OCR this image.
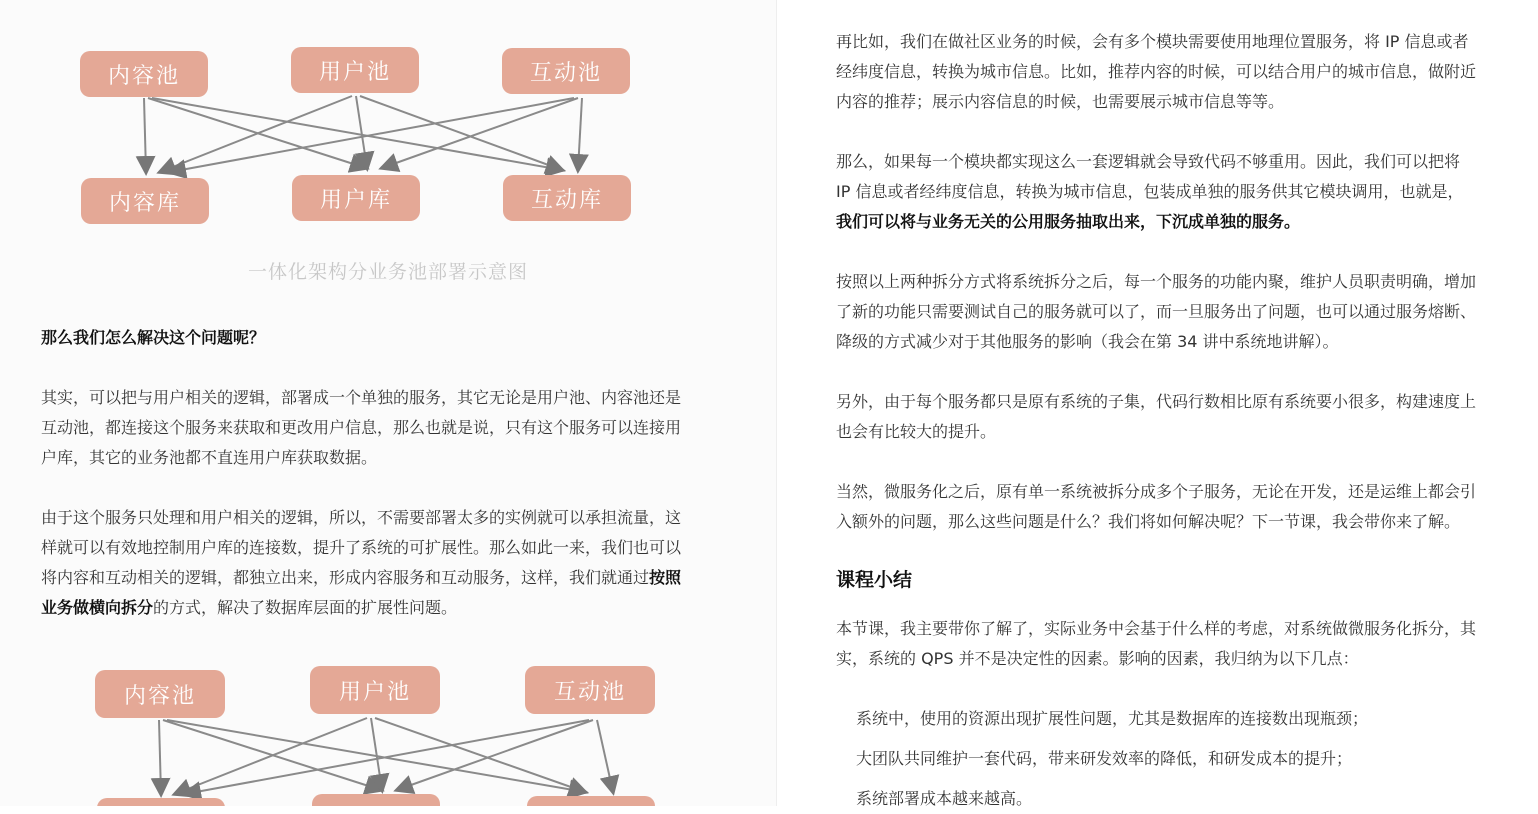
内容池	用户池	互动池
内容库	用户库	互动库
一体化架构分业务池部署示意图
那么我们怎么解决这个问题呢？
其实，可以把与用户相关的逻辑，部署成一个单独的服务，其它无论是用户池、内容池还是
互动池，都连接这个服务来获取和更改用户信息，那么也就是说，只有这个服务可以连接用
户库，其它的业务池都不直连用户库获取数据。
由于这个服务只处理和用户相关的逻辑，所以，不需要部署太多的实例就可以承担流量，这
样就可以有效地控制用户库的连接数，提升了系统的可扩展性。那么如此一来，我们也可以
将内容和互动相关的逻辑，都独立出来，形成内容服务和互动服务，这样，我们就通过按照
业务做横向拆分的方式，解决了数据库层面的扩展性问题。
内容池	用户池	互动池
再比如，我们在做社区业务的时候，会有多个模块需要使用地理位置服务，将 IP 信息或者
经纬度信息，转换为城市信息。比如，推荐内容的时候，可以结合用户的城市信息，做附近
内容的推荐；展示内容信息的时候，也需要展示城市信息等等。
那么，如果每一个模块都实现这么一套逻辑就会导致代码不够重用。因此，我们可以把将
IP 信息或者经纬度信息，转换为城市信息，包装成单独的服务供其它模块调用，也就是，
我们可以将与业务无关的公用服务抽取出来，下沉成单独的服务。
按照以上两种拆分方式将系统拆分之后，每一个服务的功能内聚，维护人员职责明确，增加
了新的功能只需要测试自己的服务就可以了，而一旦服务出了问题，也可以通过服务熔断、
降级的方式减少对于其他服务的影响（我会在第 34 讲中系统地讲解）。
另外，由于每个服务都只是原有系统的子集，代码行数相比原有系统要小很多，构建速度上
也会有比较大的提升。
当然，微服务化之后，原有单一系统被拆分成多个子服务，无论在开发，还是运维上都会引
入额外的问题，那么这些问题是什么？我们将如何解决呢？下一节课，我会带你来了解。
课程小结
本节课，我主要带你了解了，实际业务中会基于什么样的考虑，对系统做微服务化拆分，其
实，系统的 QPS 并不是决定性的因素。影响的因素，我归纳为以下几点：
系统中，使用的资源出现扩展性问题，尤其是数据库的连接数出现瓶颈；
大团队共同维护一套代码，带来研发效率的降低，和研发成本的提升；
系统部署成本越来越高。
